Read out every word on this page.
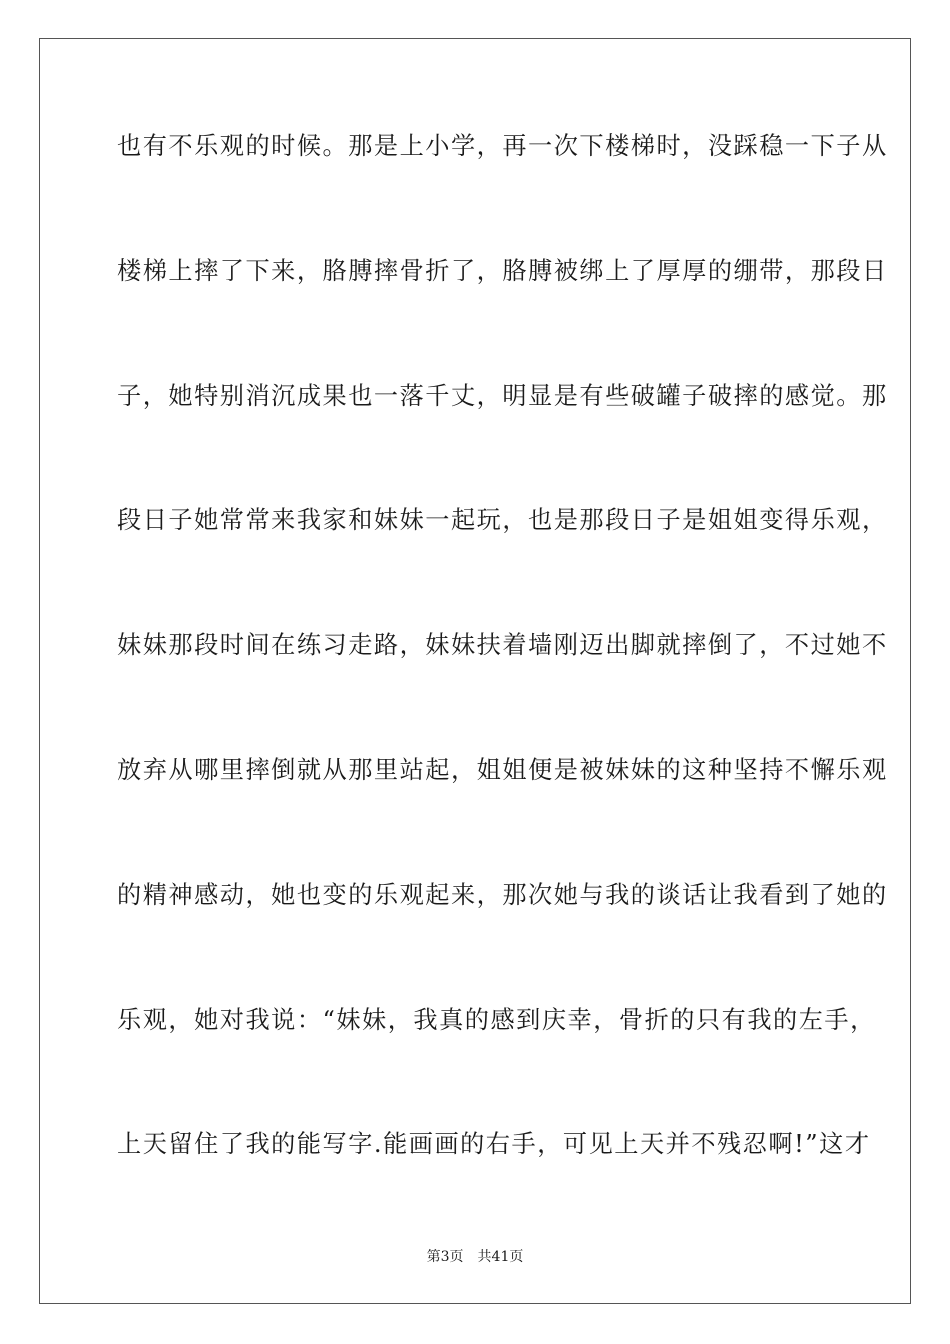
也有不乐观的时候。那是上小学，再一次下楼梯时，没踩稳一下子从

楼梯上摔了下来，胳膊摔骨折了，胳膊被绑上了厚厚的绷带，那段日

子，她特别消沉成果也一落千丈，明显是有些破罐子破摔的感觉。那

段日子她常常来我家和妹妹一起玩，也是那段日子是姐姐变得乐观，

妹妹那段时间在练习走路，妹妹扶着墙刚迈出脚就摔倒了，不过她不

放弃从哪里摔倒就从那里站起，姐姐便是被妹妹的这种坚持不懈乐观

的精神感动，她也变的乐观起来，那次她与我的谈话让我看到了她的

乐观，她对我说：“妹妹，我真的感到庆幸，骨折的只有我的左手，

上天留住了我的能写字.能画画的右手，可见上天并不残忍啊!”这才

第3页 共41页
